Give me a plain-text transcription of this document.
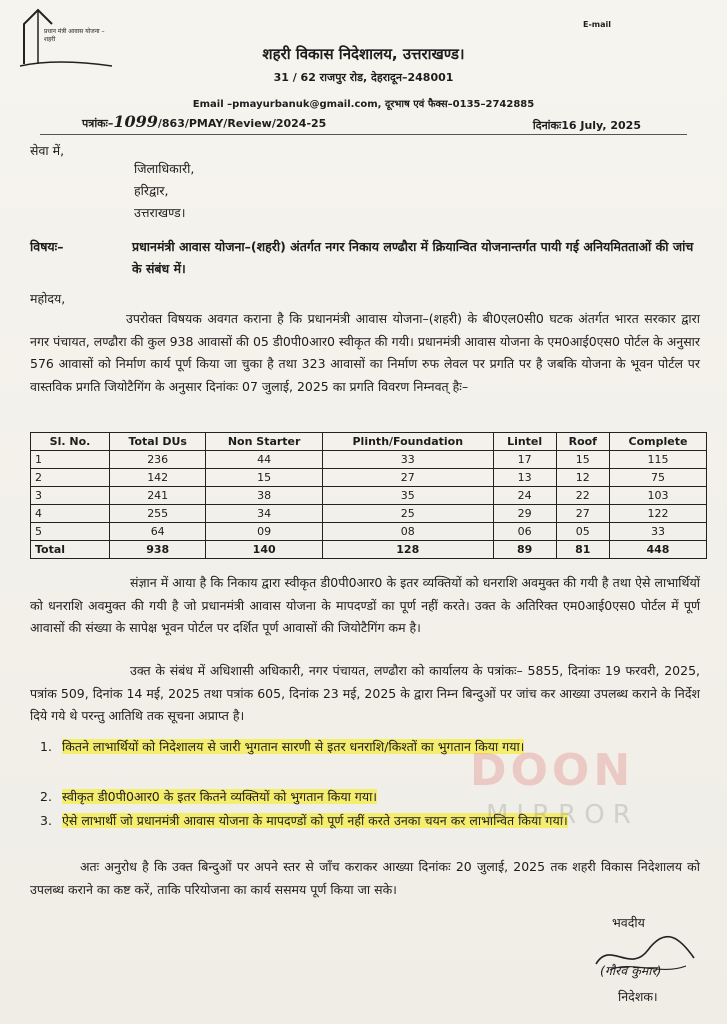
प्रधान मंत्री आवास योजना – शहरी
E-mail
शहरी विकास निदेशालय, उत्तराखण्ड।
31 / 62 राजपुर रोड, देहरादून–248001
Email –pmayurbanuk@gmail.com, दूरभाष एवं फैक्स–0135–2742885
पत्रांकः–1099/863/PMAY/Review/2024-25	दिनांकः16 July, 2025
सेवा में,
जिलाधिकारी,
हरिद्वार,
उत्तराखण्ड।
विषयः–	प्रधानमंत्री आवास योजना–(शहरी) अंतर्गत नगर निकाय लण्ढौरा में क्रियान्वित योजनान्तर्गत पायी गई अनियमितताओं की जांच के संबंध में।
महोदय,
उपरोक्त विषयक अवगत कराना है कि प्रधानमंत्री आवास योजना–(शहरी) के बी0एल0सी0 घटक अंतर्गत भारत सरकार द्वारा नगर पंचायत, लण्ढौरा की कुल 938 आवासों की 05 डी0पी0आर0 स्वीकृत की गयी। प्रधानमंत्री आवास योजना के एम0आई0एस0 पोर्टल के अनुसार 576 आवासों को निर्माण कार्य पूर्ण किया जा चुका है तथा 323 आवासों का निर्माण रुफ लेवल पर प्रगति पर है जबकि योजना के भूवन पोर्टल पर वास्तविक प्रगति जियोटैगिंग के अनुसार दिनांकः 07 जुलाई, 2025 का प्रगति विवरण निम्नवत् हैः–
Sl. No.	Total DUs	Non Starter	Plinth/Foundation	Lintel	Roof	Complete
1	236	44	33	17	15	115
2	142	15	27	13	12	75
3	241	38	35	24	22	103
4	255	34	25	29	27	122
5	64	09	08	06	05	33
Total	938	140	128	89	81	448
संज्ञान में आया है कि निकाय द्वारा स्वीकृत डी0पी0आर0 के इतर व्यक्तियों को धनराशि अवमुक्त की गयी है तथा ऐसे लाभार्थियों को धनराशि अवमुक्त की गयी है जो प्रधानमंत्री आवास योजना के मापदण्डों का पूर्ण नहीं करते। उक्त के अतिरिक्त एम0आई0एस0 पोर्टल में पूर्ण आवासों की संख्या के सापेक्ष भूवन पोर्टल पर दर्शित पूर्ण आवासों की जियोटैगिंग कम है।
उक्त के संबंध में अधिशासी अधिकारी, नगर पंचायत, लण्ढौरा को कार्यालय के पत्रांकः– 5855, दिनांकः 19 फरवरी, 2025, पत्रांक 509, दिनांक 14 मई, 2025 तथा पत्रांक 605, दिनांक 23 मई, 2025 के द्वारा निम्न बिन्दुओं पर जांच कर आख्या उपलब्ध कराने के निर्देश दिये गये थे परन्तु आतिथि तक सूचना अप्राप्त है।
1. कितने लाभार्थियों को निदेशालय से जारी भुगतान सारणी से इतर धनराशि/किश्तों का भुगतान किया गया।
2. स्वीकृत डी0पी0आर0 के इतर कितने व्यक्तियों को भुगतान किया गया।
3. ऐसे लाभार्थी जो प्रधानमंत्री आवास योजना के मापदण्डों को पूर्ण नहीं करते उनका चयन कर लाभान्वित किया गया।
अतः अनुरोध है कि उक्त बिन्दुओं पर अपने स्तर से जाँच कराकर आख्या दिनांकः 20 जुलाई, 2025 तक शहरी विकास निदेशालय को उपलब्ध कराने का कष्ट करें, ताकि परियोजना का कार्य ससमय पूर्ण किया जा सके।
DOON
MIRROR
भवदीय
(गौरव कुमार)
निदेशक।
